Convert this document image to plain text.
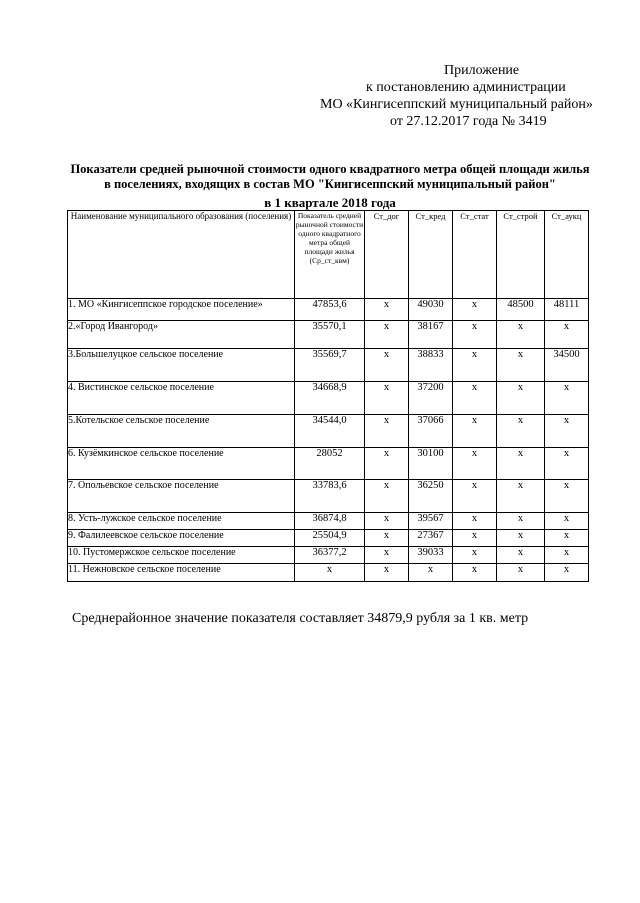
Приложение
к постановлению администрации
МО «Кингисеппский муниципальный район»
от 27.12.2017 года № 3419
Показатели средней рыночной стоимости одного квадратного метра общей площади жилья
в поселениях, входящих в состав МО "Кингисеппский муниципальный район"
в 1 квартале 2018 года
Наименование муниципального образования (поселения)	Показатель средней рыночной стоимости одного квадратного метра общей площади жилья (Ср_ст_квм)	Ст_дог	Ст_кред	Ст_стат	Ст_строй	Ст_аукц
1. МО «Кингисеппское городское поселение»	47853,6	x	49030	x	48500	48111
2.«Город Ивангород»	35570,1	x	38167	x	x	x
3.Большелуцкое сельское поселение	35569,7	x	38833	x	x	34500
4. Вистинское сельское поселение	34668,9	x	37200	x	x	x
5.Котельское сельское поселение	34544,0	x	37066	x	x	x
6. Кузёмкинское сельское поселение	28052	x	30100	x	x	x
7. Опольевское сельское поселение	33783,6	x	36250	x	x	x
8. Усть-лужское сельское поселение	36874,8	x	39567	x	x	x
9. Фалилеевское сельское поселение	25504,9	x	27367	x	x	x
10. Пустомержское сельское поселение	36377,2	x	39033	x	x	x
11. Нежновское сельское поселение	x	x	x	x	x	x
Среднерайонное значение показателя составляет 34879,9 рубля за 1 кв. метр
